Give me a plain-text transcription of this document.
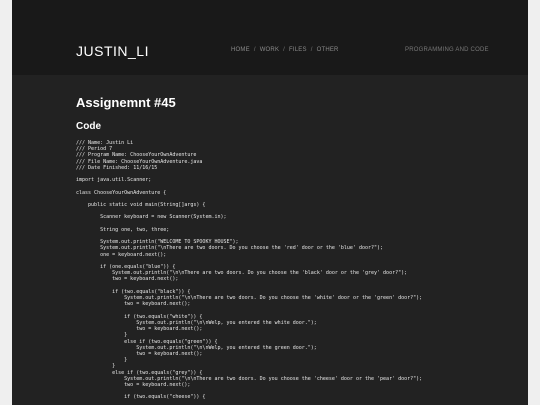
JUSTIN_LI	HOME / WORK / FILES / OTHER	PROGRAMMING AND CODE
Assignemnt #45
Code
/// Name: Justin Li
/// Period 7
/// Program Name: ChooseYourOwnAdventure
/// File Name: ChooseYourOwnAdventure.java
/// Date Finished: 11/16/15

import java.util.Scanner;

class ChooseYourOwnAdventure {

public static void main(String[]args) {

Scanner keyboard = new Scanner(System.in);

String one, two, three;

System.out.println("WELCOME TO SPOOKY HOUSE");
System.out.println("\nThere are two doors. Do you choose the 'red' door or the 'blue' door?");
one = keyboard.next();

if (one.equals("blue")) {
System.out.println("\n\nThere are two doors. Do you choose the 'black' door or the 'grey' door?");
two = keyboard.next();

if (two.equals("black")) {
System.out.println("\n\nThere are two doors. Do you choose the 'white' door or the 'green' door?");
two = keyboard.next();

if (two.equals("white")) {
System.out.println("\n\nWelp, you entered the white door.");
two = keyboard.next();
}
else if (two.equals("green")) {
System.out.println("\n\nWelp, you entered the green door.");
two = keyboard.next();
}
}
else if (two.equals("grey")) {
System.out.println("\n\nThere are two doors. Do you choose the 'cheese' door or the 'pear' door?");
two = keyboard.next();

if (two.equals("cheese")) {
